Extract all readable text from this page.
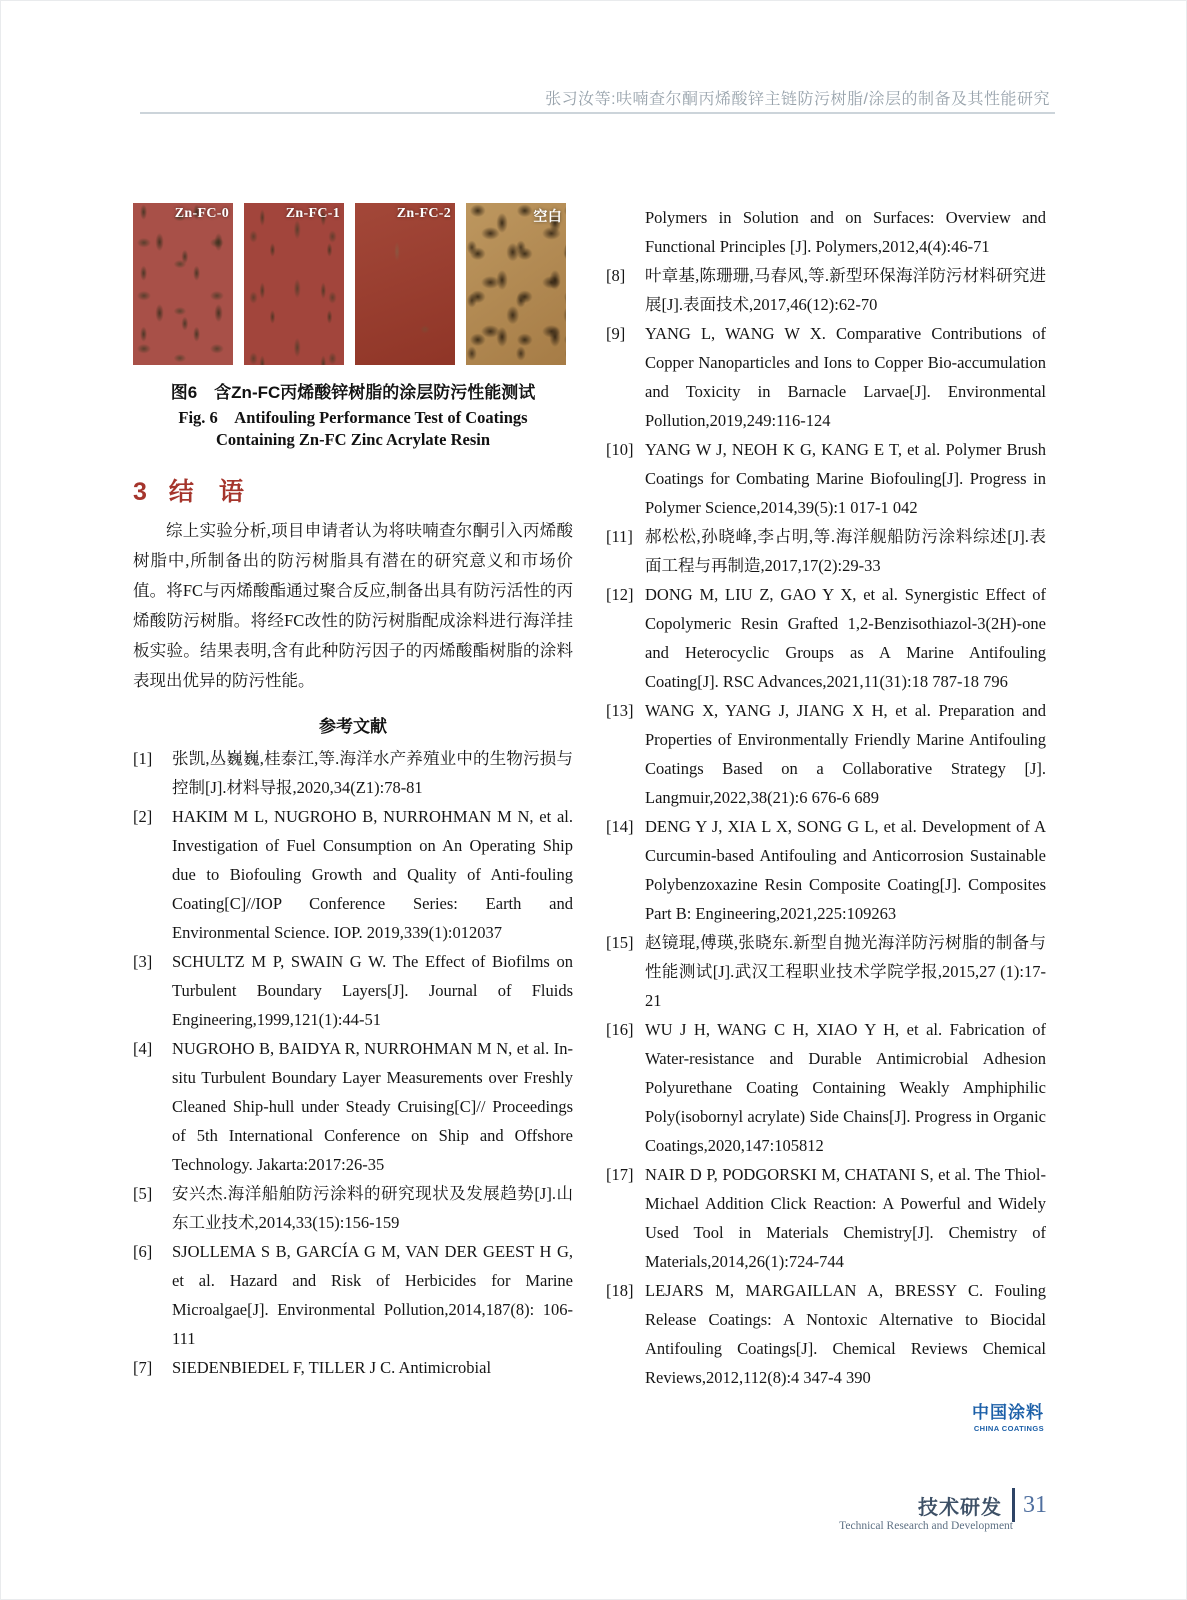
张习汝等:呋喃查尔酮丙烯酸锌主链防污树脂/涂层的制备及其性能研究
Zn-FC-0	Zn-FC-1	Zn-FC-2	空白
图6　含Zn-FC丙烯酸锌树脂的涂层防污性能测试
Fig. 6　Antifouling Performance Test of Coatings
Containing Zn-FC Zinc Acrylate Resin
3 结　语
综上实验分析,项目申请者认为将呋喃查尔酮引入丙烯酸树脂中,所制备出的防污树脂具有潜在的研究意义和市场价值。将FC与丙烯酸酯通过聚合反应,制备出具有防污活性的丙烯酸防污树脂。将经FC改性的防污树脂配成涂料进行海洋挂板实验。结果表明,含有此种防污因子的丙烯酸酯树脂的涂料表现出优异的防污性能。
参考文献
[1] 张凯,丛巍巍,桂泰江,等.海洋水产养殖业中的生物污损与控制[J].材料导报,2020,34(Z1):78-81
[2] HAKIM M L, NUGROHO B, NURROHMAN M N, et al. Investigation of Fuel Consumption on An Operating Ship due to Biofouling Growth and Quality of Anti-fouling Coating[C]//IOP Conference Series: Earth and Environmental Science. IOP. 2019,339(1):012037
[3] SCHULTZ M P, SWAIN G W. The Effect of Biofilms on Turbulent Boundary Layers[J]. Journal of Fluids Engineering,1999,121(1):44-51
[4] NUGROHO B, BAIDYA R, NURROHMAN M N, et al. In-situ Turbulent Boundary Layer Measurements over Freshly Cleaned Ship-hull under Steady Cruising[C]// Proceedings of 5th International Conference on Ship and Offshore Technology. Jakarta:2017:26-35
[5] 安兴杰.海洋船舶防污涂料的研究现状及发展趋势[J].山东工业技术,2014,33(15):156-159
[6] SJOLLEMA S B, GARCÍA G M, VAN DER GEEST H G, et al. Hazard and Risk of Herbicides for Marine Microalgae[J]. Environmental Pollution,2014,187(8): 106-111
[7] SIEDENBIEDEL F, TILLER J C. Antimicrobial
Polymers in Solution and on Surfaces: Overview and Functional Principles [J]. Polymers,2012,4(4):46-71
[8] 叶章基,陈珊珊,马春风,等.新型环保海洋防污材料研究进展[J].表面技术,2017,46(12):62-70
[9] YANG L, WANG W X. Comparative Contributions of Copper Nanoparticles and Ions to Copper Bio-accumulation and Toxicity in Barnacle Larvae[J]. Environmental Pollution,2019,249:116-124
[10] YANG W J, NEOH K G, KANG E T, et al. Polymer Brush Coatings for Combating Marine Biofouling[J]. Progress in Polymer Science,2014,39(5):1 017-1 042
[11] 郝松松,孙晓峰,李占明,等.海洋舰船防污涂料综述[J].表面工程与再制造,2017,17(2):29-33
[12] DONG M, LIU Z, GAO Y X, et al. Synergistic Effect of Copolymeric Resin Grafted 1,2-Benzisothiazol-3(2H)-one and Heterocyclic Groups as A Marine Antifouling Coating[J]. RSC Advances,2021,11(31):18 787-18 796
[13] WANG X, YANG J, JIANG X H, et al. Preparation and Properties of Environmentally Friendly Marine Antifouling Coatings Based on a Collaborative Strategy [J]. Langmuir,2022,38(21):6 676-6 689
[14] DENG Y J, XIA L X, SONG G L, et al. Development of A Curcumin-based Antifouling and Anticorrosion Sustainable Polybenzoxazine Resin Composite Coating[J]. Composites Part B: Engineering,2021,225:109263
[15] 赵镜琨,傅瑛,张晓东.新型自抛光海洋防污树脂的制备与性能测试[J].武汉工程职业技术学院学报,2015,27 (1):17-21
[16] WU J H, WANG C H, XIAO Y H, et al. Fabrication of Water-resistance and Durable Antimicrobial Adhesion Polyurethane Coating Containing Weakly Amphiphilic Poly(isobornyl acrylate) Side Chains[J]. Progress in Organic Coatings,2020,147:105812
[17] NAIR D P, PODGORSKI M, CHATANI S, et al. The Thiol-Michael Addition Click Reaction: A Powerful and Widely Used Tool in Materials Chemistry[J]. Chemistry of Materials,2014,26(1):724-744
[18] LEJARS M, MARGAILLAN A, BRESSY C. Fouling Release Coatings: A Nontoxic Alternative to Biocidal Antifouling Coatings[J]. Chemical Reviews Chemical Reviews,2012,112(8):4 347-4 390
中国涂料
CHINA COATINGS
技术研发 31
Technical Research and Development
